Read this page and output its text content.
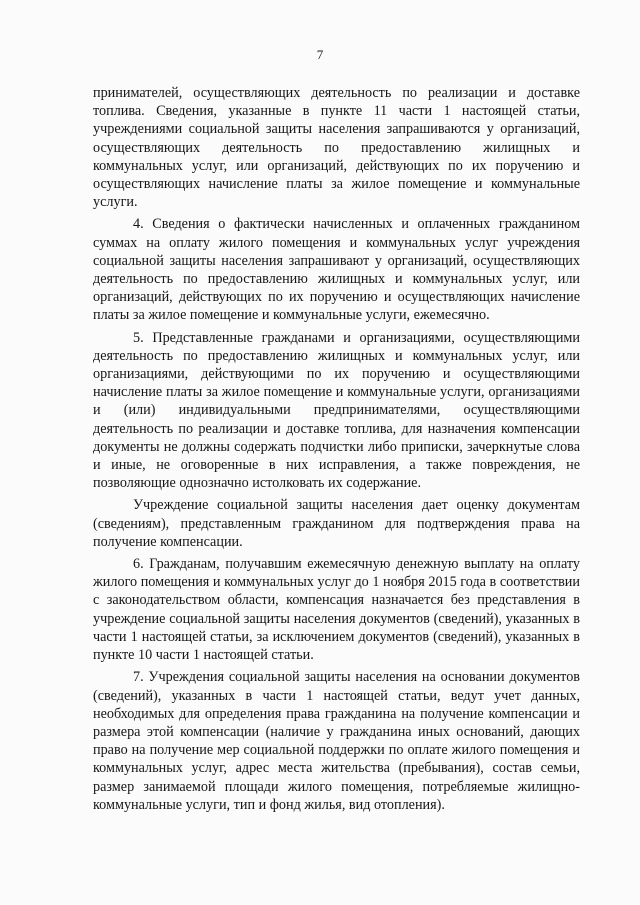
7

принимателей, осуществляющих деятельность по реализации и доставке топлива. Сведения, указанные в пункте 11 части 1 настоящей статьи, учреждениями социальной защиты населения запрашиваются у организаций, осуществляющих деятельность по предоставлению жилищных и коммунальных услуг, или организаций, действующих по их поручению и осуществляющих начисление платы за жилое помещение и коммунальные услуги.

4. Сведения о фактически начисленных и оплаченных гражданином суммах на оплату жилого помещения и коммунальных услуг учреждения социальной защиты населения запрашивают у организаций, осуществляющих деятельность по предоставлению жилищных и коммунальных услуг, или организаций, действующих по их поручению и осуществляющих начисление платы за жилое помещение и коммунальные услуги, ежемесячно.

5. Представленные гражданами и организациями, осуществляющими деятельность по предоставлению жилищных и коммунальных услуг, или организациями, действующими по их поручению и осуществляющими начисление платы за жилое помещение и коммунальные услуги, организациями и (или) индивидуальными предпринимателями, осуществляющими деятельность по реализации и доставке топлива, для назначения компенсации документы не должны содержать подчистки либо приписки, зачеркнутые слова и иные, не оговоренные в них исправления, а также повреждения, не позволяющие однозначно истолковать их содержание.

Учреждение социальной защиты населения дает оценку документам (сведениям), представленным гражданином для подтверждения права на получение компенсации.

6. Гражданам, получавшим ежемесячную денежную выплату на оплату жилого помещения и коммунальных услуг до 1 ноября 2015 года в соответствии с законодательством области, компенсация назначается без представления в учреждение социальной защиты населения документов (сведений), указанных в части 1 настоящей статьи, за исключением документов (сведений), указанных в пункте 10 части 1 настоящей статьи.

7. Учреждения социальной защиты населения на основании документов (сведений), указанных в части 1 настоящей статьи, ведут учет данных, необходимых для определения права гражданина на получение компенсации и размера этой компенсации (наличие у гражданина иных оснований, дающих право на получение мер социальной поддержки по оплате жилого помещения и коммунальных услуг, адрес места жительства (пребывания), состав семьи, размер занимаемой площади жилого помещения, потребляемые жилищно-коммунальные услуги, тип и фонд жилья, вид отопления).
